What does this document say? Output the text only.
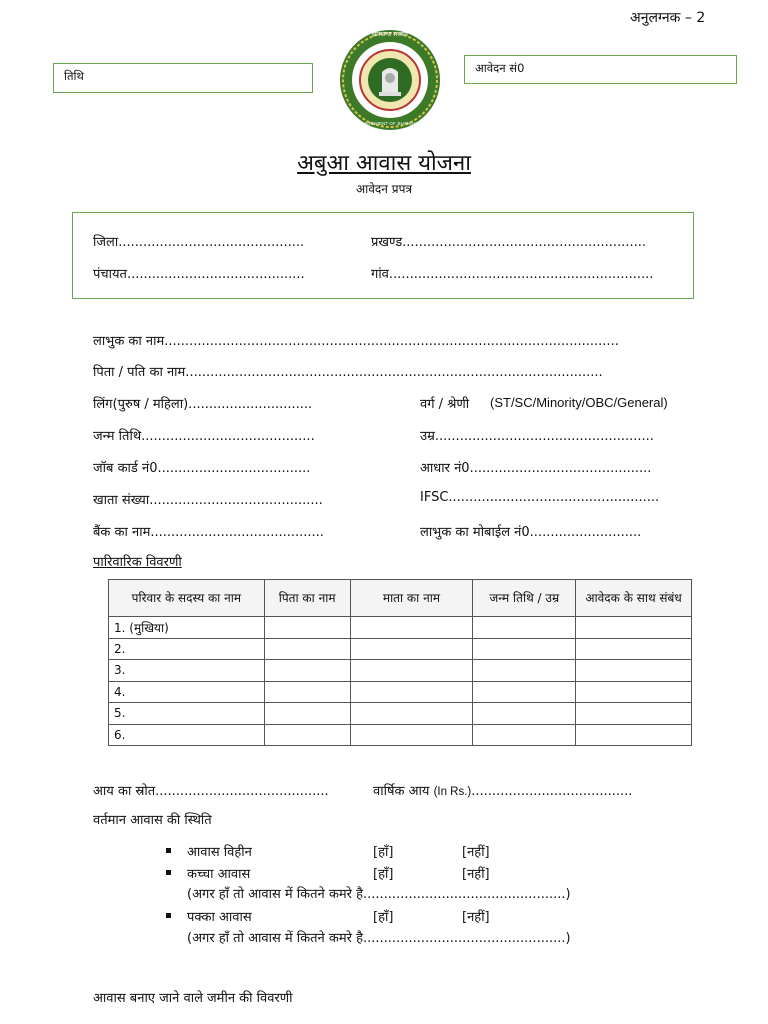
अनुलग्नक – 2
तिथि
आवेदन सं0
झारखण्ड सरकार
GOVERNMENT OF JHARKHAND
अबुआ आवास योजना
आवेदन प्रपत्र
जिला.............................................	प्रखण्ड...........................................................
पंचायत...........................................	गांव................................................................
लाभुक का नाम..............................................................................................................
पिता / पति का नाम.....................................................................................................
लिंग(पुरुष / महिला)..............................	वर्ग / श्रेणी (ST/SC/Minority/OBC/General)
जन्म तिथि..........................................	उम्र.....................................................
जॉब कार्ड नं0.....................................	आधार नं0............................................
खाता संख्या..........................................	IFSC...................................................
बैंक का नाम..........................................	लाभुक का मोबाईल नं0...........................
पारिवारिक विवरणी
परिवार के सदस्य का नाम	पिता का नाम	माता का नाम	जन्म तिथि / उम्र	आवेदक के साथ संबंध
1. (मुखिया)				
2.				
3.				
4.				
5.				
6.				
आय का स्रोत..........................................	वार्षिक आय (In Rs.).......................................
वर्तमान आवास की स्थिति
आवास विहीन	[हाँ]	[नहीं]
कच्चा आवास	[हाँ]	[नहीं]
(अगर हाँ तो आवास में कितने कमरे है.................................................)
पक्का आवास	[हाँ]	[नहीं]
(अगर हाँ तो आवास में कितने कमरे है.................................................)
आवास बनाए जाने वाले जमीन की विवरणी
